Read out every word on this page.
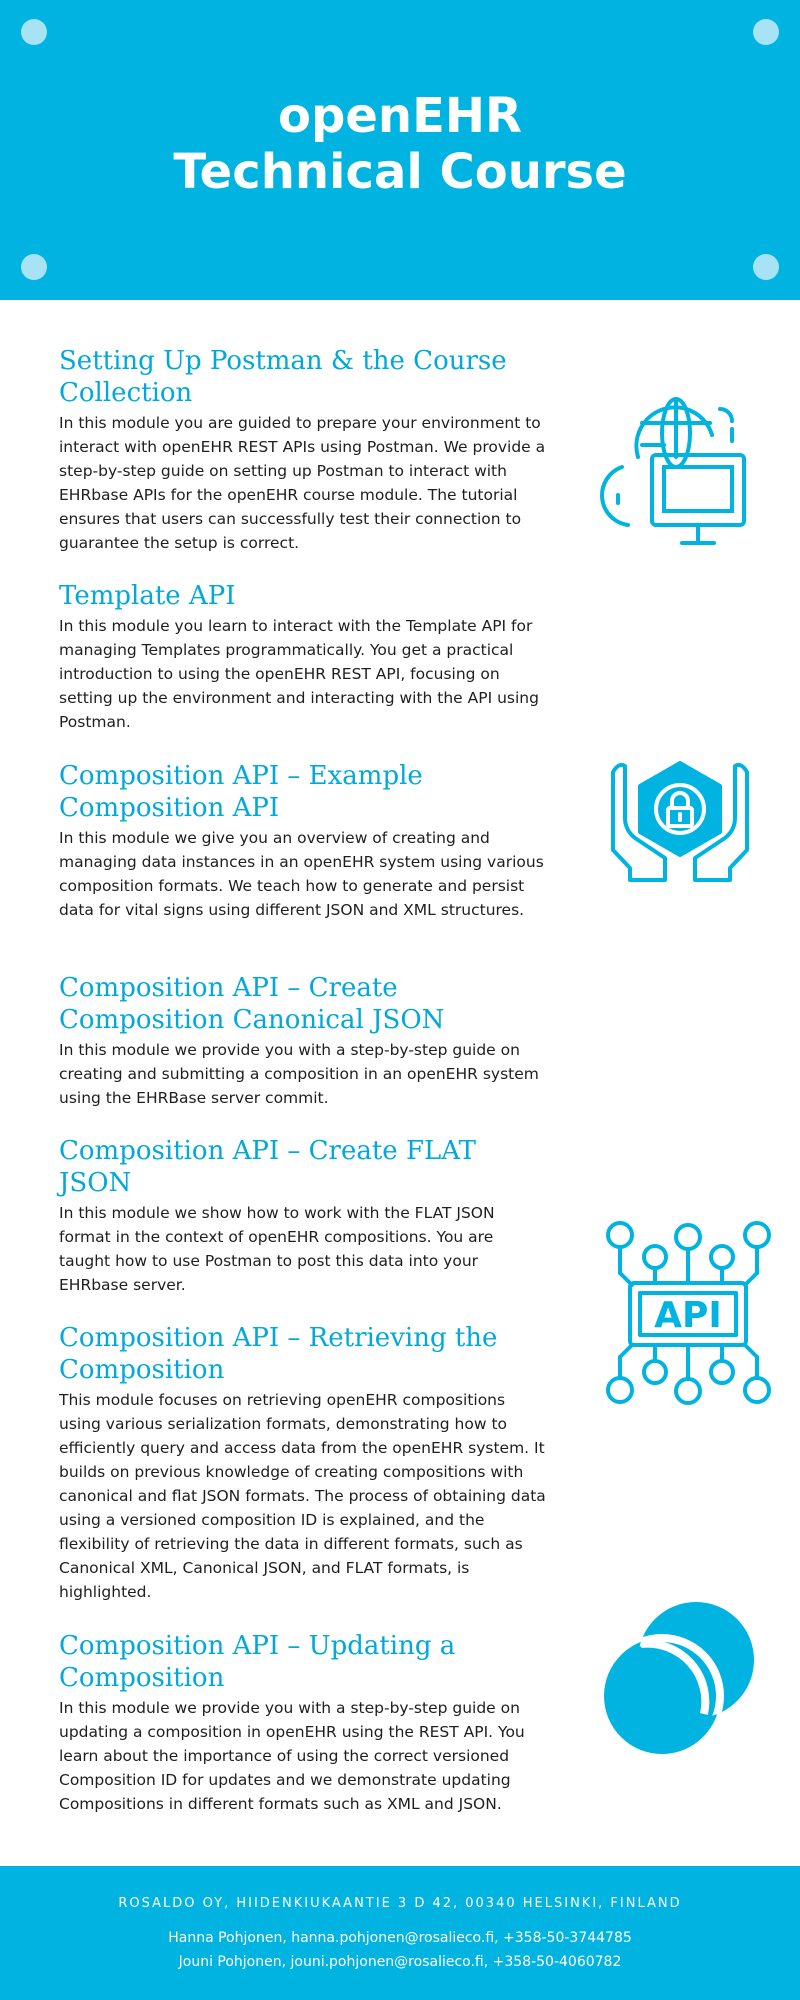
openEHR
Technical Course
Setting Up Postman & the Course Collection

In this module you are guided to prepare your environment to interact with openEHR REST APIs using Postman. We provide a step-by-step guide on setting up Postman to interact with EHRbase APIs for the openEHR course module. The tutorial ensures that users can successfully test their connection to guarantee the setup is correct.

Template API

In this module you learn to interact with the Template API for managing Templates programmatically. You get a practical introduction to using the openEHR REST API, focusing on setting up the environment and interacting with the API using Postman.

Composition API – Example Composition API

In this module we give you an overview of creating and managing data instances in an openEHR system using various composition formats. We teach how to generate and persist data for vital signs using different JSON and XML structures.

Composition API – Create Composition Canonical JSON

In this module we provide you with a step-by-step guide on creating and submitting a composition in an openEHR system using the EHRBase server commit.

Composition API – Create FLAT JSON

In this module we show how to work with the FLAT JSON format in the context of openEHR compositions. You are taught how to use Postman to post this data into your EHRbase server.

Composition API – Retrieving the Composition

This module focuses on retrieving openEHR compositions using various serialization formats, demonstrating how to efficiently query and access data from the openEHR system. It builds on previous knowledge of creating compositions with canonical and flat JSON formats. The process of obtaining data using a versioned composition ID is explained, and the flexibility of retrieving the data in different formats, such as Canonical XML, Canonical JSON, and FLAT formats, is highlighted.

Composition API – Updating a Composition

In this module we provide you with a step-by-step guide on updating a composition in openEHR using the REST API. You learn about the importance of using the correct versioned Composition ID for updates and we demonstrate updating Compositions in different formats such as XML and JSON.

API
ROSALDO OY, HIIDENKIUKAANTIE 3 D 42, 00340 HELSINKI, FINLAND
Hanna Pohjonen, hanna.pohjonen@rosalieco.fi, +358-50-3744785
Jouni Pohjonen, jouni.pohjonen@rosalieco.fi, +358-50-4060782
